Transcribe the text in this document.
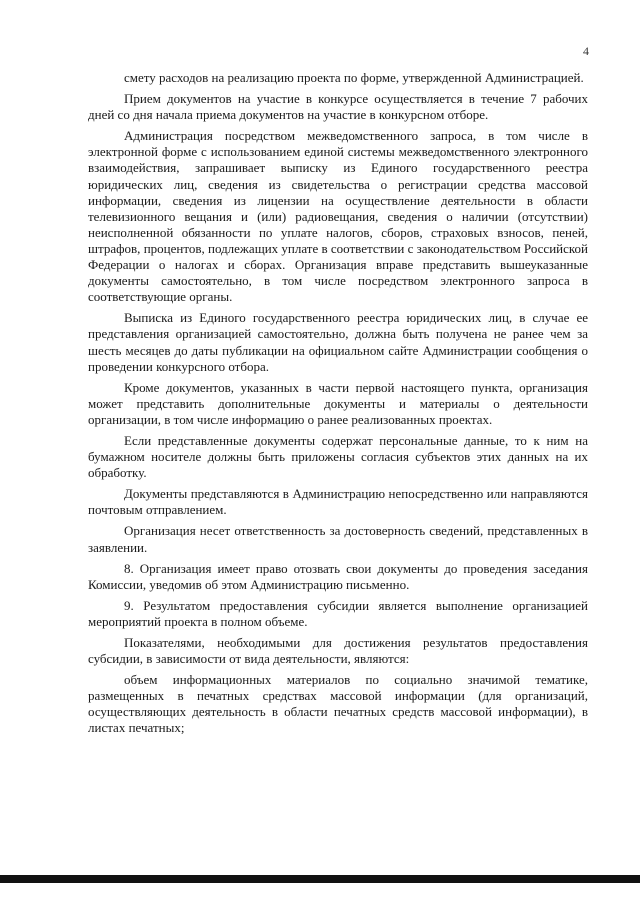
4

смету расходов на реализацию проекта по форме, утвержденной Администрацией.

Прием документов на участие в конкурсе осуществляется в течение 7 рабочих дней со дня начала приема документов на участие в конкурсном отборе.

Администрация посредством межведомственного запроса, в том числе в электронной форме с использованием единой системы межведомственного электронного взаимодействия, запрашивает выписку из Единого государственного реестра юридических лиц, сведения из свидетельства о регистрации средства массовой информации, сведения из лицензии на осуществление деятельности в области телевизионного вещания и (или) радиовещания, сведения о наличии (отсутствии) неисполненной обязанности по уплате налогов, сборов, страховых взносов, пеней, штрафов, процентов, подлежащих уплате в соответствии с законодательством Российской Федерации о налогах и сборах. Организация вправе представить вышеуказанные документы самостоятельно, в том числе посредством электронного запроса в соответствующие органы.

Выписка из Единого государственного реестра юридических лиц, в случае ее представления организацией самостоятельно, должна быть получена не ранее чем за шесть месяцев до даты публикации на официальном сайте Администрации сообщения о проведении конкурсного отбора.

Кроме документов, указанных в части первой настоящего пункта, организация может представить дополнительные документы и материалы о деятельности организации, в том числе информацию о ранее реализованных проектах.

Если представленные документы содержат персональные данные, то к ним на бумажном носителе должны быть приложены согласия субъектов этих данных на их обработку.

Документы представляются в Администрацию непосредственно или направляются почтовым отправлением.

Организация несет ответственность за достоверность сведений, представленных в заявлении.

8. Организация имеет право отозвать свои документы до проведения заседания Комиссии, уведомив об этом Администрацию письменно.

9. Результатом предоставления субсидии является выполнение организацией мероприятий проекта в полном объеме.

Показателями, необходимыми для достижения результатов предоставления субсидии, в зависимости от вида деятельности, являются:

объем информационных материалов по социально значимой тематике, размещенных в печатных средствах массовой информации (для организаций, осуществляющих деятельность в области печатных средств массовой информации), в листах печатных;
